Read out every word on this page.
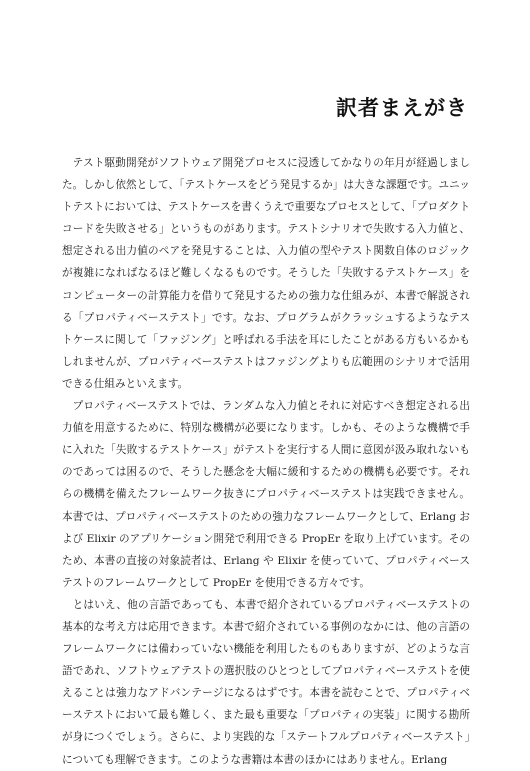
訳者まえがき

テスト駆動開発がソフトウェア開発プロセスに浸透してかなりの年月が経過しました。しかし依然として、「テストケースをどう発見するか」は大きな課題です。ユニットテストにおいては、テストケースを書くうえで重要なプロセスとして、「プロダクトコードを失敗させる」というものがあります。テストシナリオで失敗する入力値と、想定される出力値のペアを発見することは、入力値の型やテスト関数自体のロジックが複雑になればなるほど難しくなるものです。そうした「失敗するテストケース」をコンピューターの計算能力を借りて発見するための強力な仕組みが、本書で解説される「プロパティベーステスト」です。なお、プログラムがクラッシュするようなテストケースに関して「ファジング」と呼ばれる手法を耳にしたことがある方もいるかもしれませんが、プロパティベーステストはファジングよりも広範囲のシナリオで活用できる仕組みといえます。

プロパティベーステストでは、ランダムな入力値とそれに対応すべき想定される出力値を用意するために、特別な機構が必要になります。しかも、そのような機構で手に入れた「失敗するテストケース」がテストを実行する人間に意図が汲み取れないものであっては困るので、そうした懸念を大幅に緩和するための機構も必要です。それらの機構を備えたフレームワーク抜きにプロパティベーステストは実践できません。本書では、プロパティベーステストのための強力なフレームワークとして、Erlang および Elixir のアプリケーション開発で利用できる PropEr を取り上げています。そのため、本書の直接の対象読者は、Erlang や Elixir を使っていて、プロパティベーステストのフレームワークとして PropEr を使用できる方々です。

とはいえ、他の言語であっても、本書で紹介されているプロパティベーステストの基本的な考え方は応用できます。本書で紹介されている事例のなかには、他の言語のフレームワークには備わっていない機能を利用したものもありますが、どのような言語であれ、ソフトウェアテストの選択肢のひとつとしてプロパティベーステストを使えることは強力なアドバンテージになるはずです。本書を読むことで、プロパティベーステストにおいて最も難しく、また最も重要な「プロパティの実装」に関する勘所が身につくでしょう。さらに、より実践的な「ステートフルプロパティベーステスト」についても理解できます。このような書籍は本書のほかにはありません。Erlang
